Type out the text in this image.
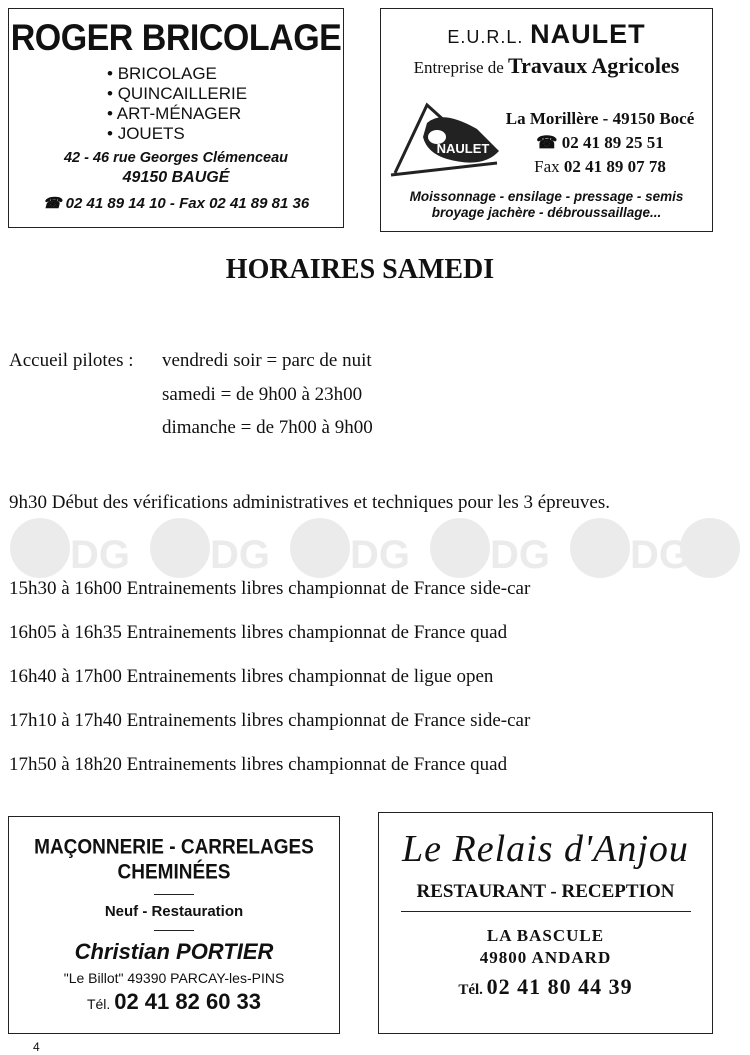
ROGER BRICOLAGE
• BRICOLAGE
• QUINCAILLERIE
• ART-MÉNAGER
• JOUETS
42 - 46 rue Georges Clémenceau
49150 BAUGÉ
☎ 02 41 89 14 10 - Fax 02 41 89 81 36
E.U.R.L. NAULET
Entreprise de Travaux Agricoles
NAULET
La Morillère - 49150 Bocé
☎ 02 41 89 25 51
Fax 02 41 89 07 78
Moissonnage - ensilage - pressage - semis
broyage jachère - débroussaillage...
HORAIRES SAMEDI
Accueil pilotes : vendredi soir = parc de nuit
samedi = de 9h00 à 23h00
dimanche = de 7h00 à 9h00
9h30 Début des vérifications administratives et techniques pour les 3 épreuves.
DG DG DG DG DG
15h30 à 16h00 Entrainements libres championnat de France side-car
16h05 à 16h35 Entrainements libres championnat de France quad
16h40 à 17h00 Entrainements libres championnat de ligue open
17h10 à 17h40 Entrainements libres championnat de France side-car
17h50 à 18h20 Entrainements libres championnat de France quad
MAÇONNERIE - CARRELAGES
CHEMINÉES
Neuf - Restauration
Christian PORTIER
"Le Billot" 49390 PARCAY-les-PINS
Tél. 02 41 82 60 33
Le Relais d'Anjou
RESTAURANT - RECEPTION
LA BASCULE
49800 ANDARD
Tél. 02 41 80 44 39
4
